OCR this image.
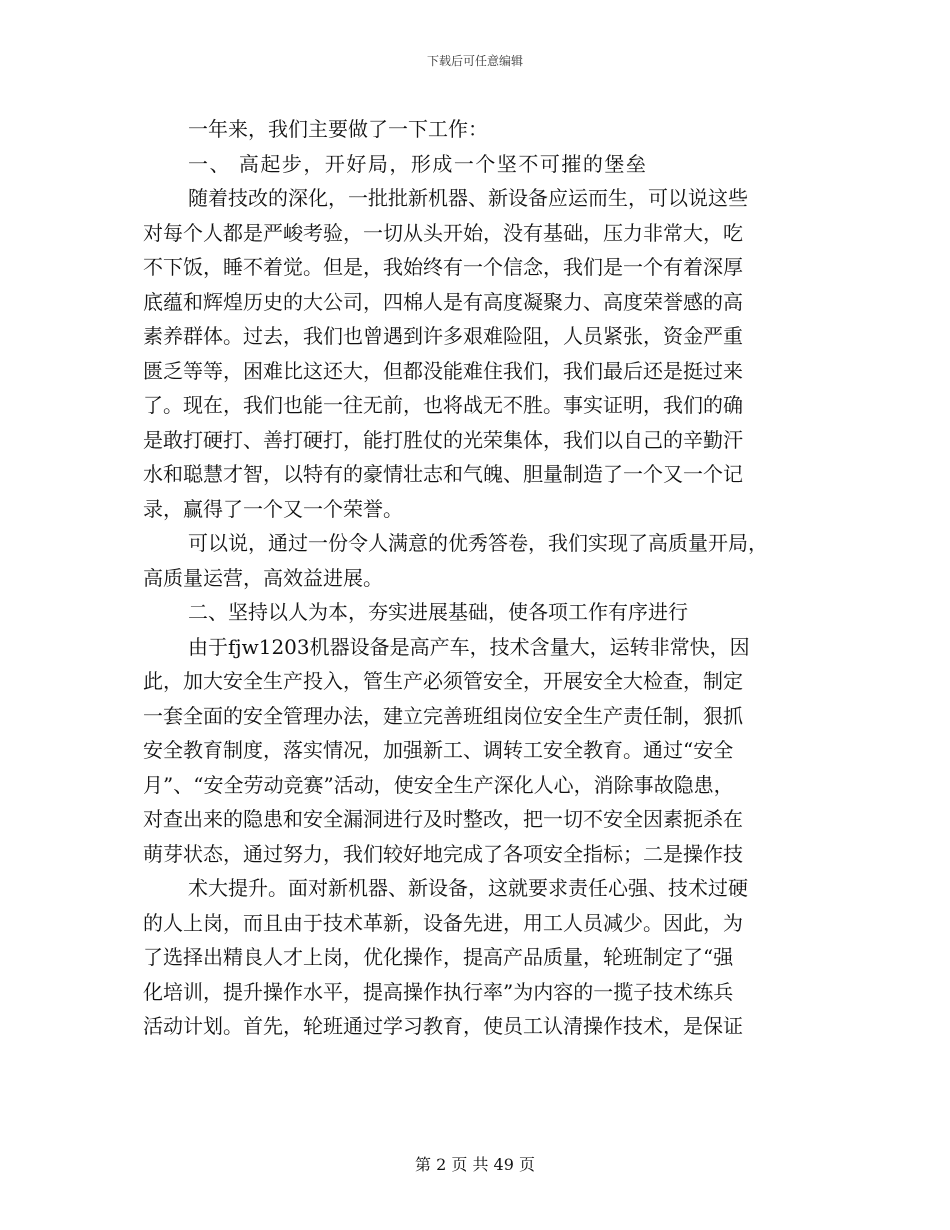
下载后可任意编辑
一年来，我们主要做了一下工作：
一、 高起步，开好局，形成一个坚不可摧的堡垒
随着技改的深化，一批批新机器、新设备应运而生，可以说这些
对每个人都是严峻考验，一切从头开始，没有基础，压力非常大，吃
不下饭，睡不着觉。但是，我始终有一个信念，我们是一个有着深厚
底蕴和辉煌历史的大公司，四棉人是有高度凝聚力、高度荣誉感的高
素养群体。过去，我们也曾遇到许多艰难险阻，人员紧张，资金严重
匮乏等等，困难比这还大，但都没能难住我们，我们最后还是挺过来
了。现在，我们也能一往无前，也将战无不胜。事实证明，我们的确
是敢打硬打、善打硬打，能打胜仗的光荣集体，我们以自己的辛勤汗
水和聪慧才智，以特有的豪情壮志和气魄、胆量制造了一个又一个记
录，赢得了一个又一个荣誉。
可以说，通过一份令人满意的优秀答卷，我们实现了高质量开局，
高质量运营，高效益进展。
二、坚持以人为本，夯实进展基础，使各项工作有序进行
由于fjw1203机器设备是高产车，技术含量大，运转非常快，因
此，加大安全生产投入，管生产必须管安全，开展安全大检查，制定
一套全面的安全管理办法，建立完善班组岗位安全生产责任制，狠抓
安全教育制度，落实情况，加强新工、调转工安全教育。通过“安全
月”、“安全劳动竞赛”活动，使安全生产深化人心，消除事故隐患，
对查出来的隐患和安全漏洞进行及时整改，把一切不安全因素扼杀在
萌芽状态，通过努力，我们较好地完成了各项安全指标；二是操作技
术大提升。面对新机器、新设备，这就要求责任心强、技术过硬
的人上岗，而且由于技术革新，设备先进，用工人员减少。因此，为
了选择出精良人才上岗，优化操作，提高产品质量，轮班制定了“强
化培训，提升操作水平，提高操作执行率”为内容的一揽子技术练兵
活动计划。首先，轮班通过学习教育，使员工认清操作技术，是保证
第 2 页 共 49 页
